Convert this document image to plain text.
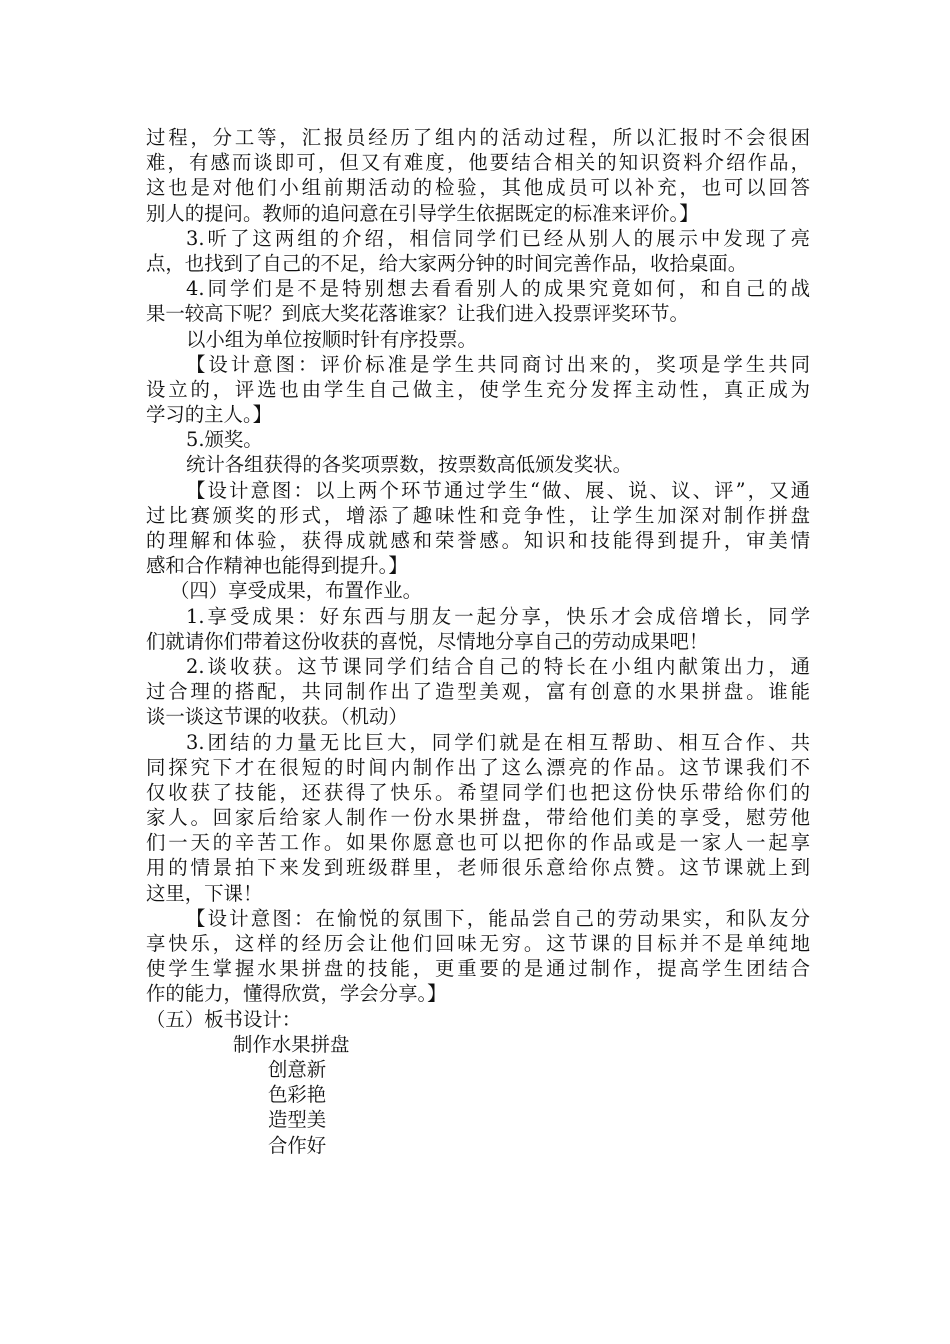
过程，分工等，汇报员经历了组内的活动过程，所以汇报时不会很困
难，有感而谈即可，但又有难度，他要结合相关的知识资料介绍作品，
这也是对他们小组前期活动的检验，其他成员可以补充，也可以回答
别人的提问。教师的追问意在引导学生依据既定的标准来评价。】
3.听了这两组的介绍，相信同学们已经从别人的展示中发现了亮
点，也找到了自己的不足，给大家两分钟的时间完善作品，收拾桌面。
4.同学们是不是特别想去看看别人的成果究竟如何，和自己的战
果一较高下呢？到底大奖花落谁家？让我们进入投票评奖环节。
以小组为单位按顺时针有序投票。
【设计意图：评价标准是学生共同商讨出来的，奖项是学生共同
设立的，评选也由学生自己做主，使学生充分发挥主动性，真正成为
学习的主人。】
5.颁奖。
统计各组获得的各奖项票数，按票数高低颁发奖状。
【设计意图：以上两个环节通过学生“做、展、说、议、评”，又通
过比赛颁奖的形式，增添了趣味性和竞争性，让学生加深对制作拼盘
的理解和体验，获得成就感和荣誉感。知识和技能得到提升，审美情
感和合作精神也能得到提升。】
（四）享受成果，布置作业。
1.享受成果：好东西与朋友一起分享，快乐才会成倍增长，同学
们就请你们带着这份收获的喜悦，尽情地分享自己的劳动成果吧！
2.谈收获。这节课同学们结合自己的特长在小组内献策出力，通
过合理的搭配，共同制作出了造型美观，富有创意的水果拼盘。谁能
谈一谈这节课的收获。（机动）
3.团结的力量无比巨大，同学们就是在相互帮助、相互合作、共
同探究下才在很短的时间内制作出了这么漂亮的作品。这节课我们不
仅收获了技能，还获得了快乐。希望同学们也把这份快乐带给你们的
家人。回家后给家人制作一份水果拼盘，带给他们美的享受，慰劳他
们一天的辛苦工作。如果你愿意也可以把你的作品或是一家人一起享
用的情景拍下来发到班级群里，老师很乐意给你点赞。这节课就上到
这里，下课！
【设计意图：在愉悦的氛围下，能品尝自己的劳动果实，和队友分
享快乐，这样的经历会让他们回味无穷。这节课的目标并不是单纯地
使学生掌握水果拼盘的技能，更重要的是通过制作，提高学生团结合
作的能力，懂得欣赏，学会分享。】
（五）板书设计：
制作水果拼盘
创意新
色彩艳
造型美
合作好
